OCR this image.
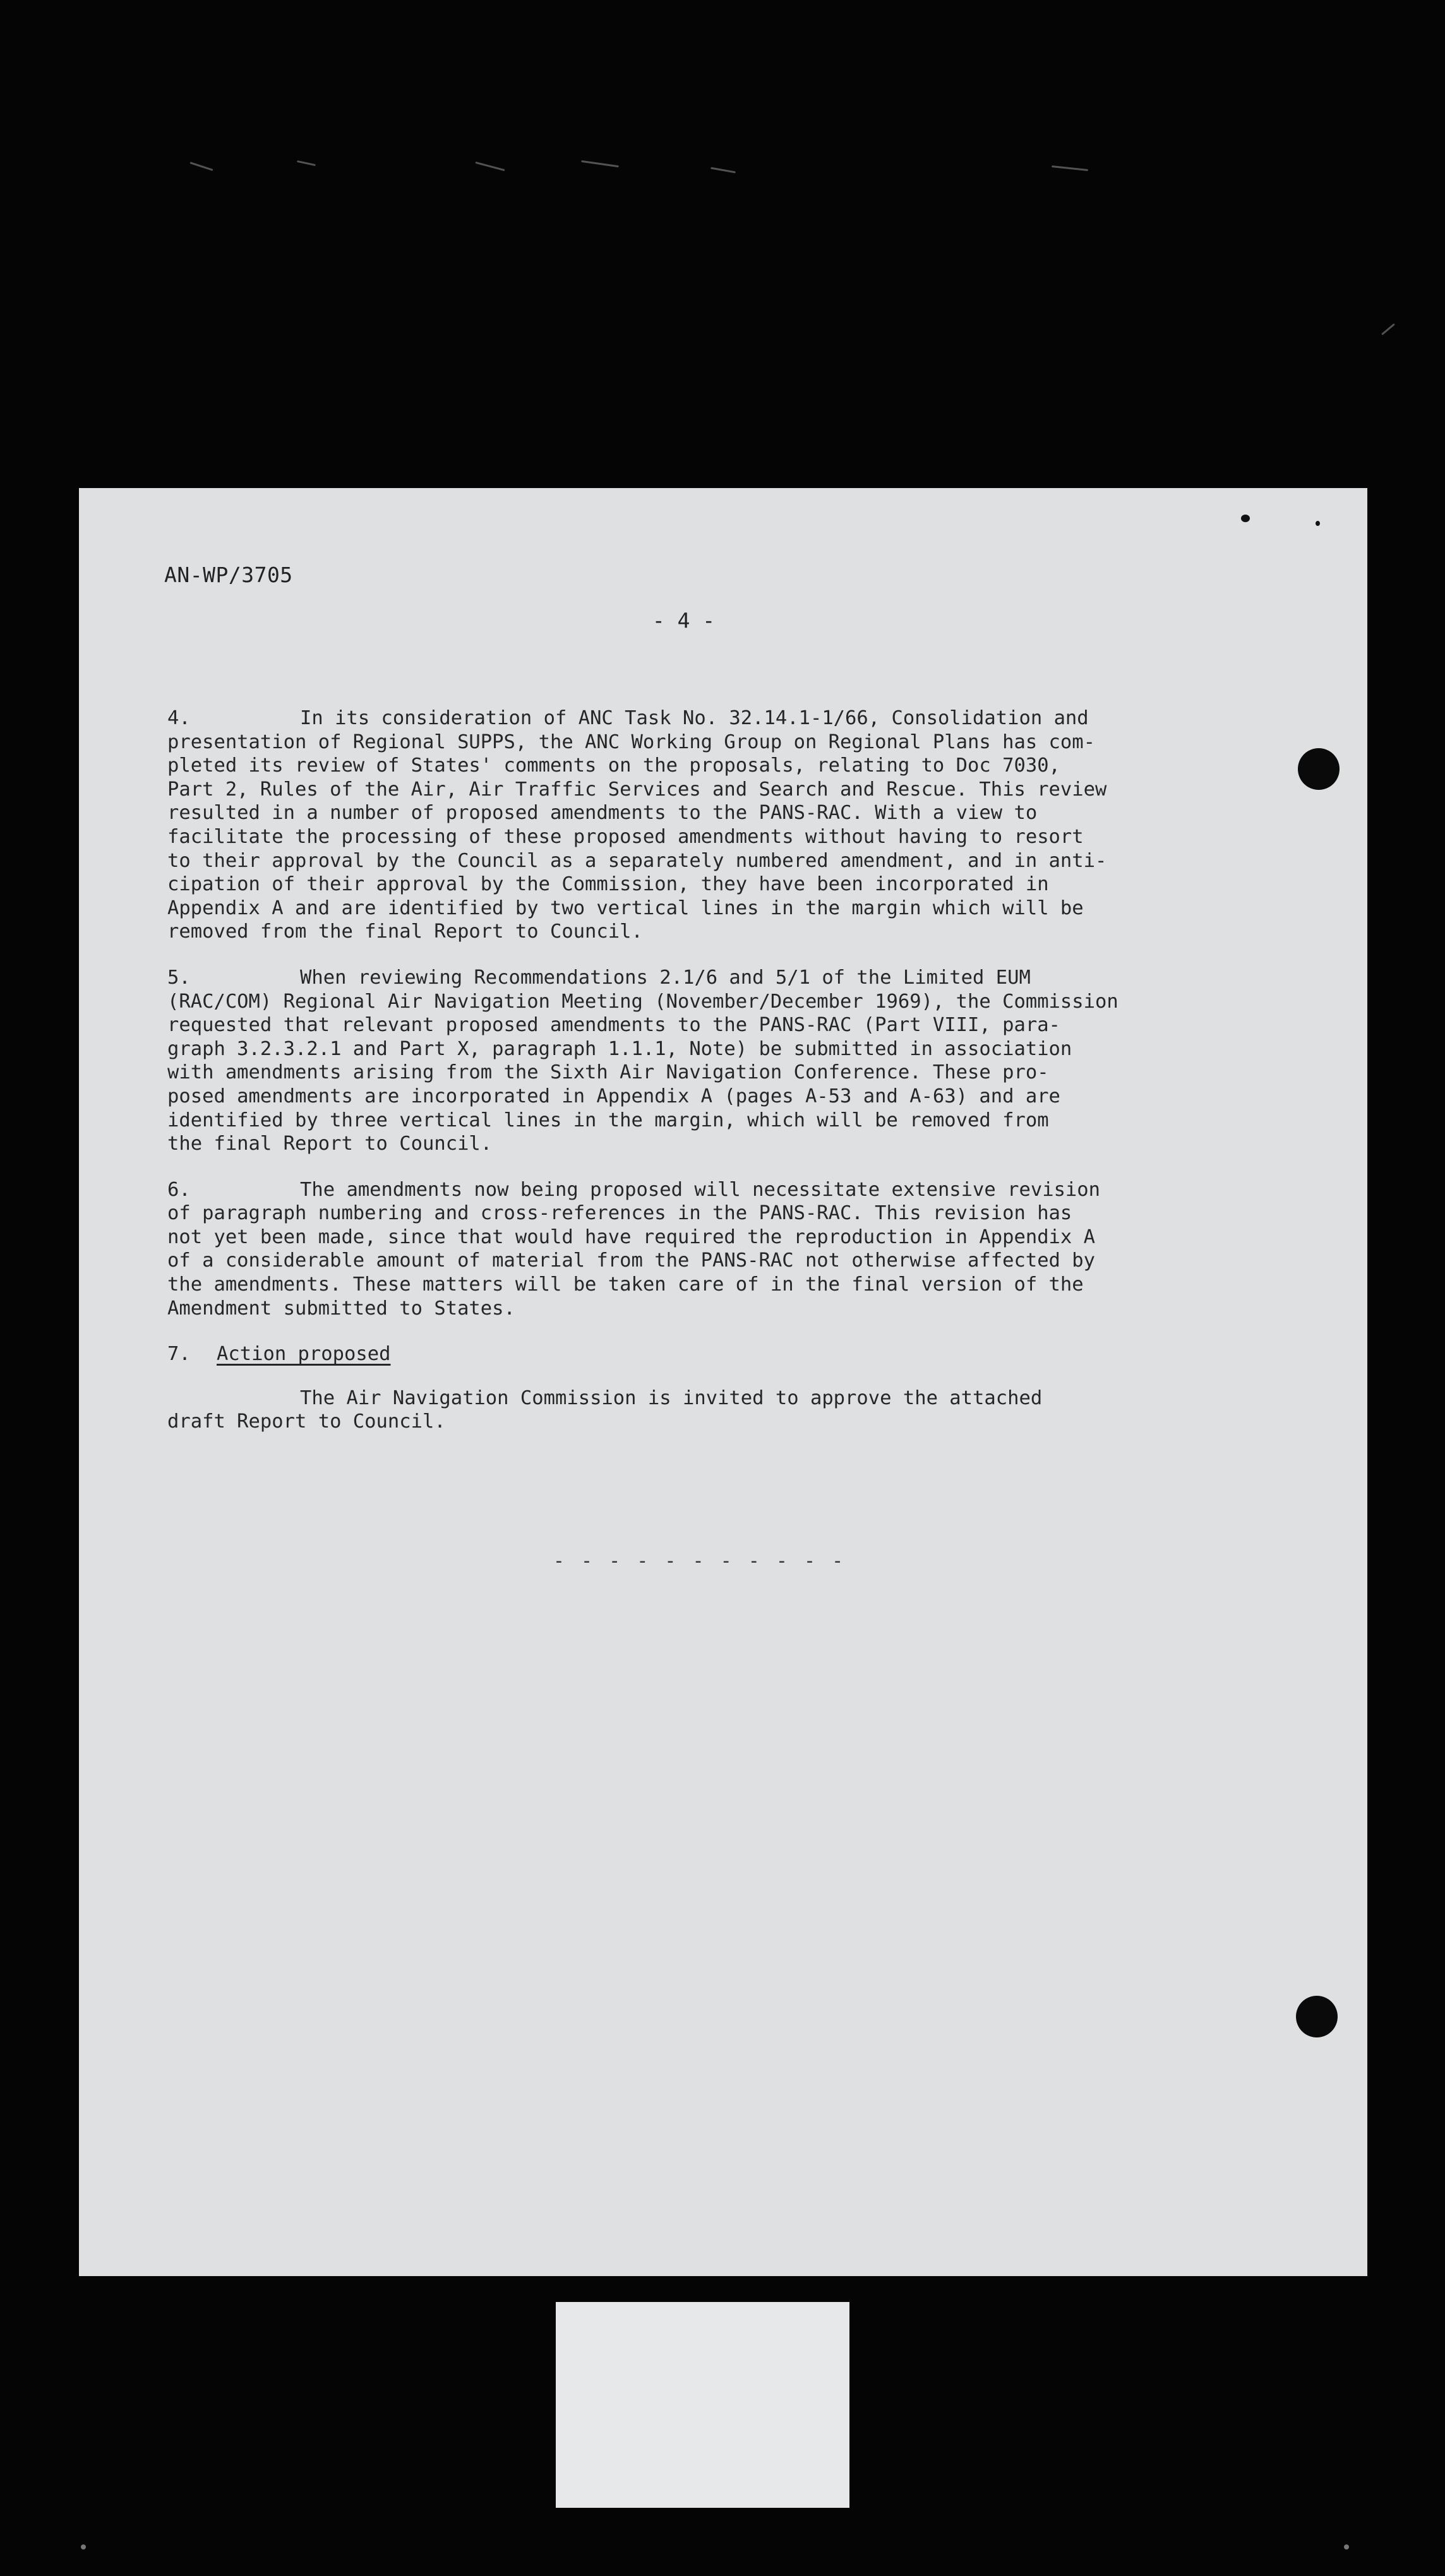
AN-WP/3705
- 4 -

4.	In its consideration of ANC Task No. 32.14.1-1/66, Consolidation and
presentation of Regional SUPPS, the ANC Working Group on Regional Plans has com-
pleted its review of States' comments on the proposals, relating to Doc 7030,
Part 2, Rules of the Air, Air Traffic Services and Search and Rescue. This review
resulted in a number of proposed amendments to the PANS-RAC. With a view to
facilitate the processing of these proposed amendments without having to resort
to their approval by the Council as a separately numbered amendment, and in anti-
cipation of their approval by the Commission, they have been incorporated in
Appendix A and are identified by two vertical lines in the margin which will be
removed from the final Report to Council.

5.	When reviewing Recommendations 2.1/6 and 5/1 of the Limited EUM
(RAC/COM) Regional Air Navigation Meeting (November/December 1969), the Commission
requested that relevant proposed amendments to the PANS-RAC (Part VIII, para-
graph 3.2.3.2.1 and Part X, paragraph 1.1.1, Note) be submitted in association
with amendments arising from the Sixth Air Navigation Conference. These pro-
posed amendments are incorporated in Appendix A (pages A-53 and A-63) and are
identified by three vertical lines in the margin, which will be removed from
the final Report to Council.

6.	The amendments now being proposed will necessitate extensive revision
of paragraph numbering and cross-references in the PANS-RAC. This revision has
not yet been made, since that would have required the reproduction in Appendix A
of a considerable amount of material from the PANS-RAC not otherwise affected by
the amendments. These matters will be taken care of in the final version of the
Amendment submitted to States.

7. Action proposed

The Air Navigation Commission is invited to approve the attached
draft Report to Council.

- - - - - - - - - - -
